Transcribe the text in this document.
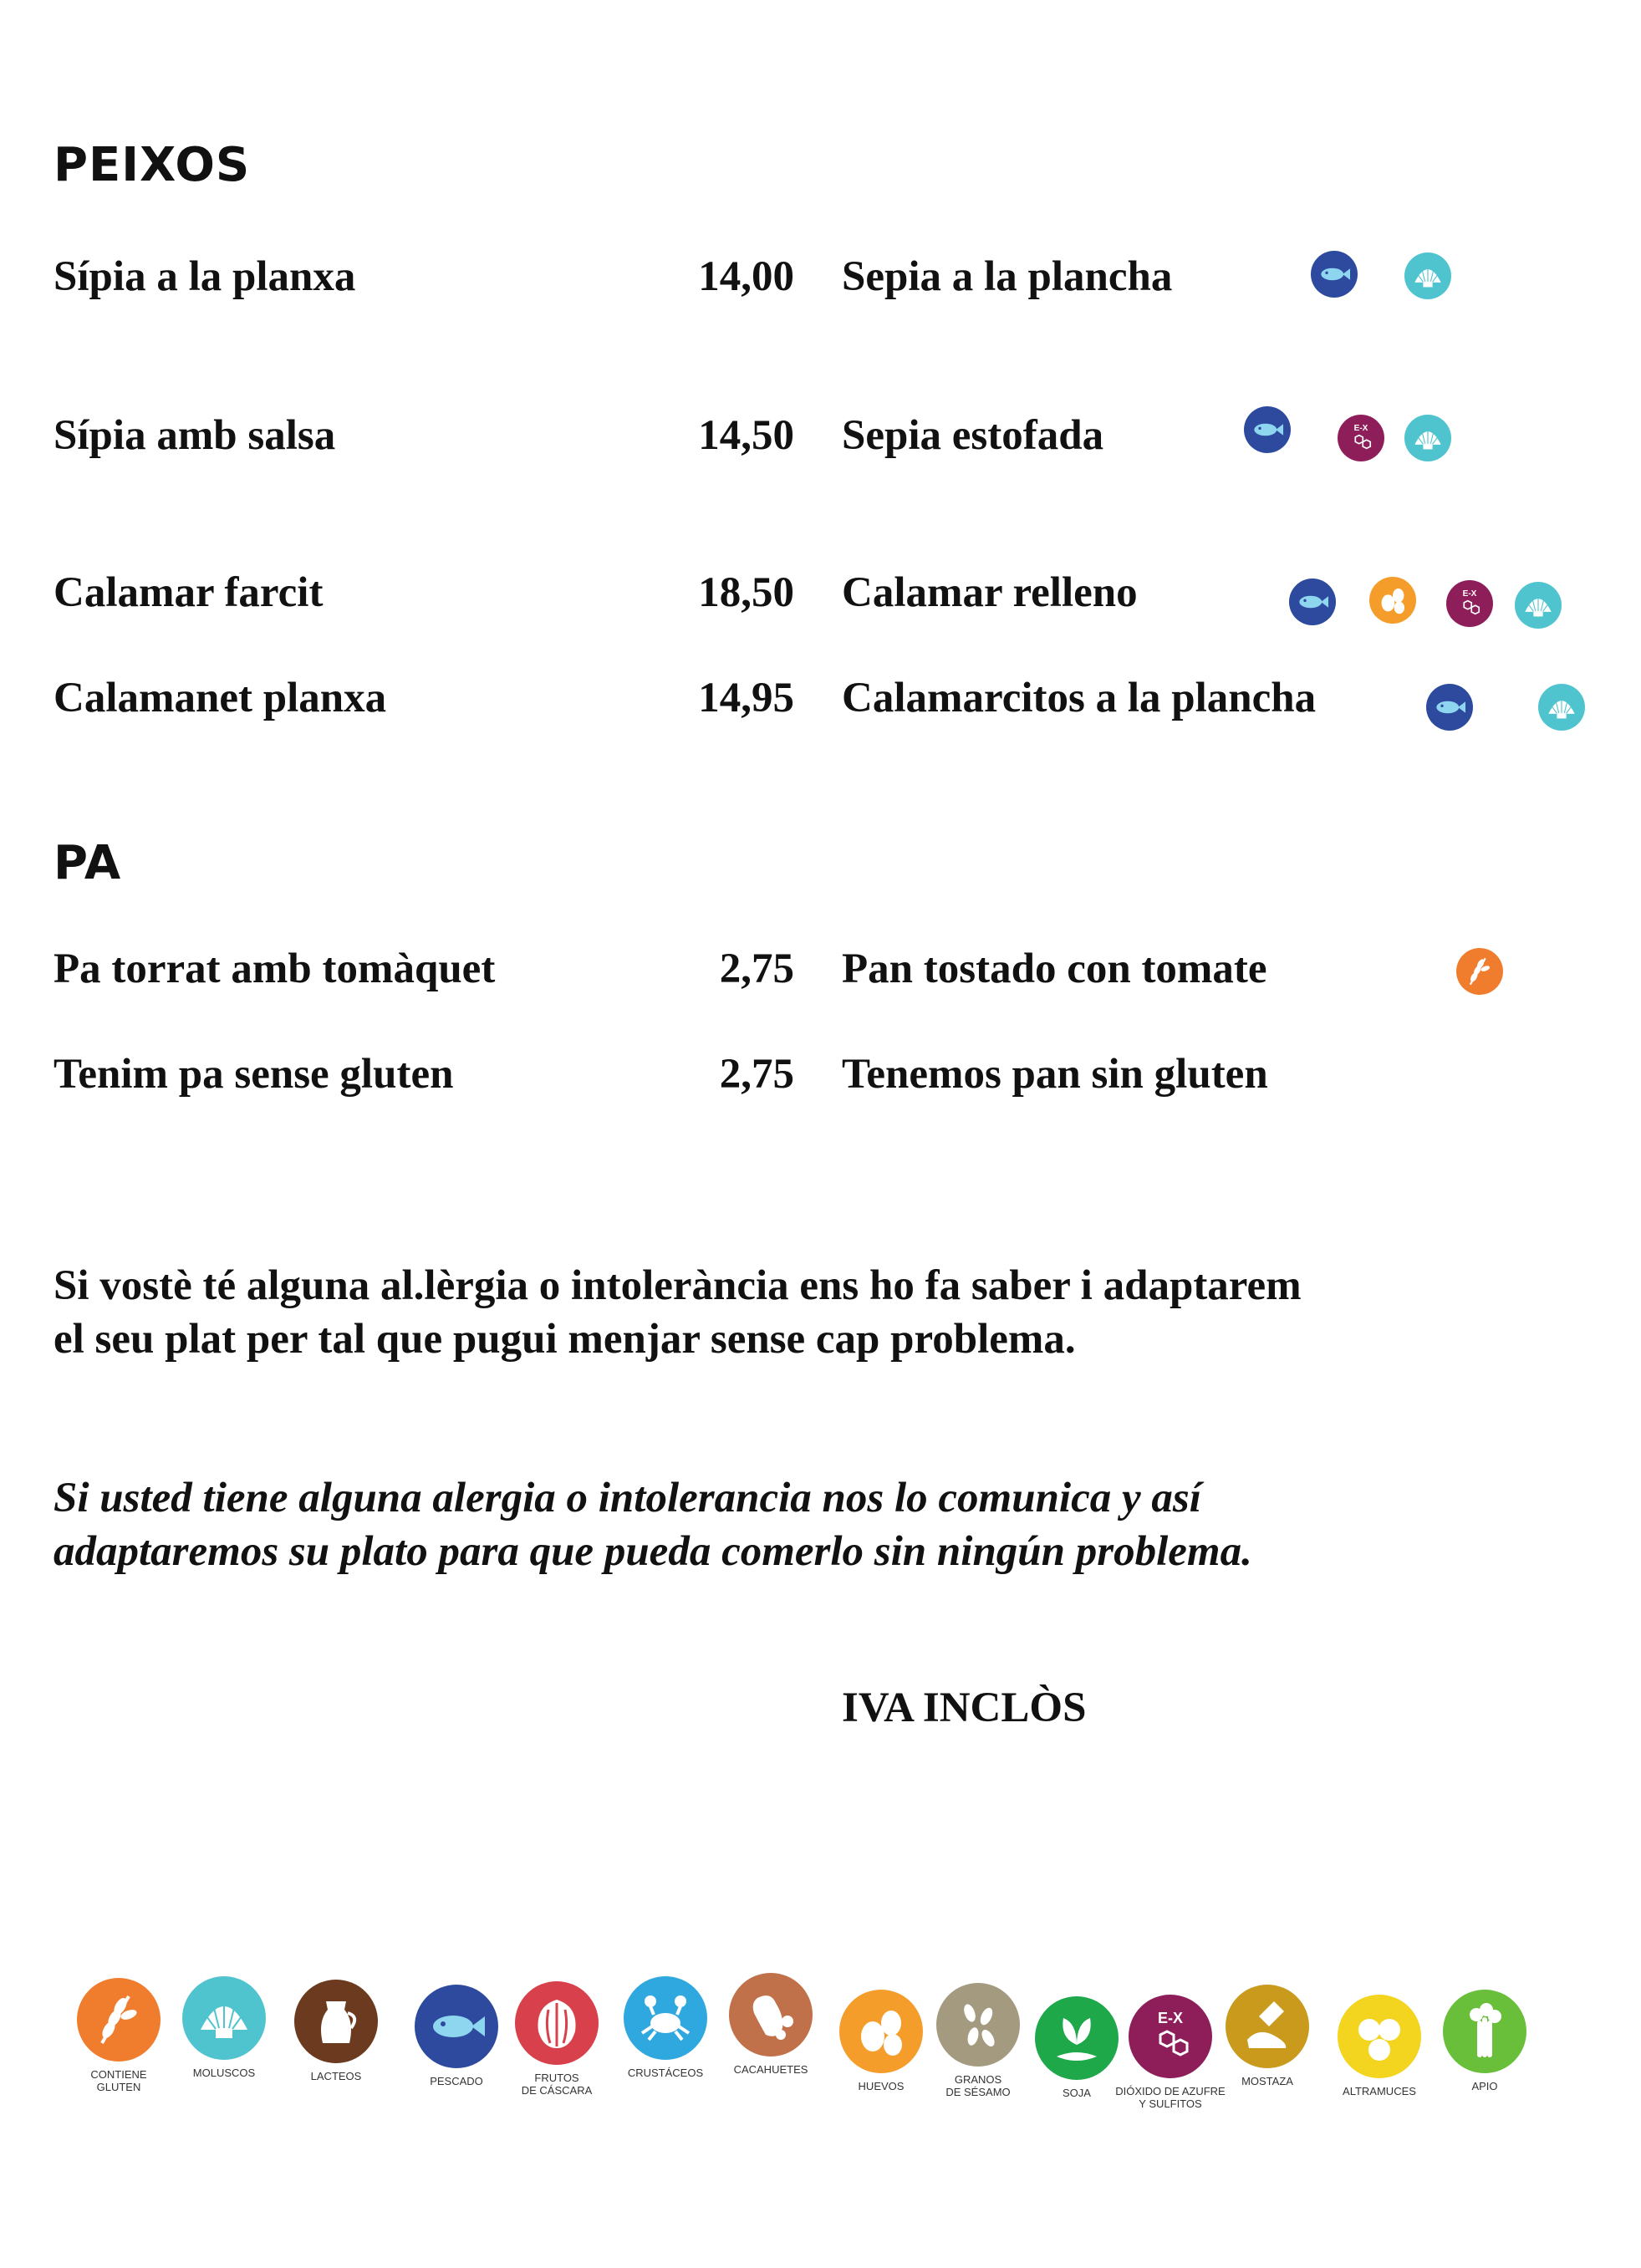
PEIXOS
Sípia a la planxa	14,00 Sepia a la plancha
Sípia amb salsa	14,50 Sepia estofada	E-X
Calamar farcit	18,50 Calamar relleno	E-X
Calamanet planxa	14,95 Calamarcitos a la plancha
PA
Pa torrat amb tomàquet	2,75 Pan tostado con tomate
Tenim pa sense gluten	2,75 Tenemos pan sin gluten

Si vostè té alguna al.lèrgia o intolerància ens ho fa saber i adaptarem
el seu plat per tal que pugui menjar sense cap problema.

Si usted tiene alguna alergia o intolerancia nos lo comunica y así
adaptaremos su plato para que pueda comerlo sin ningún problema.

IVA INCLÒS
CONTIENE
GLUTEN
MOLUSCOS	LACTEOS	PESCADO	FRUTOS
DE CÁSCARA
CRUSTÁCEOS	CACAHUETES
HUEVOS
GRANOS
DE SÉSAMO	SOJA
E-X
DIÓXIDO DE AZUFRE
Y SULFITOS
MOSTAZA
ALTRAMUCES	APIO
